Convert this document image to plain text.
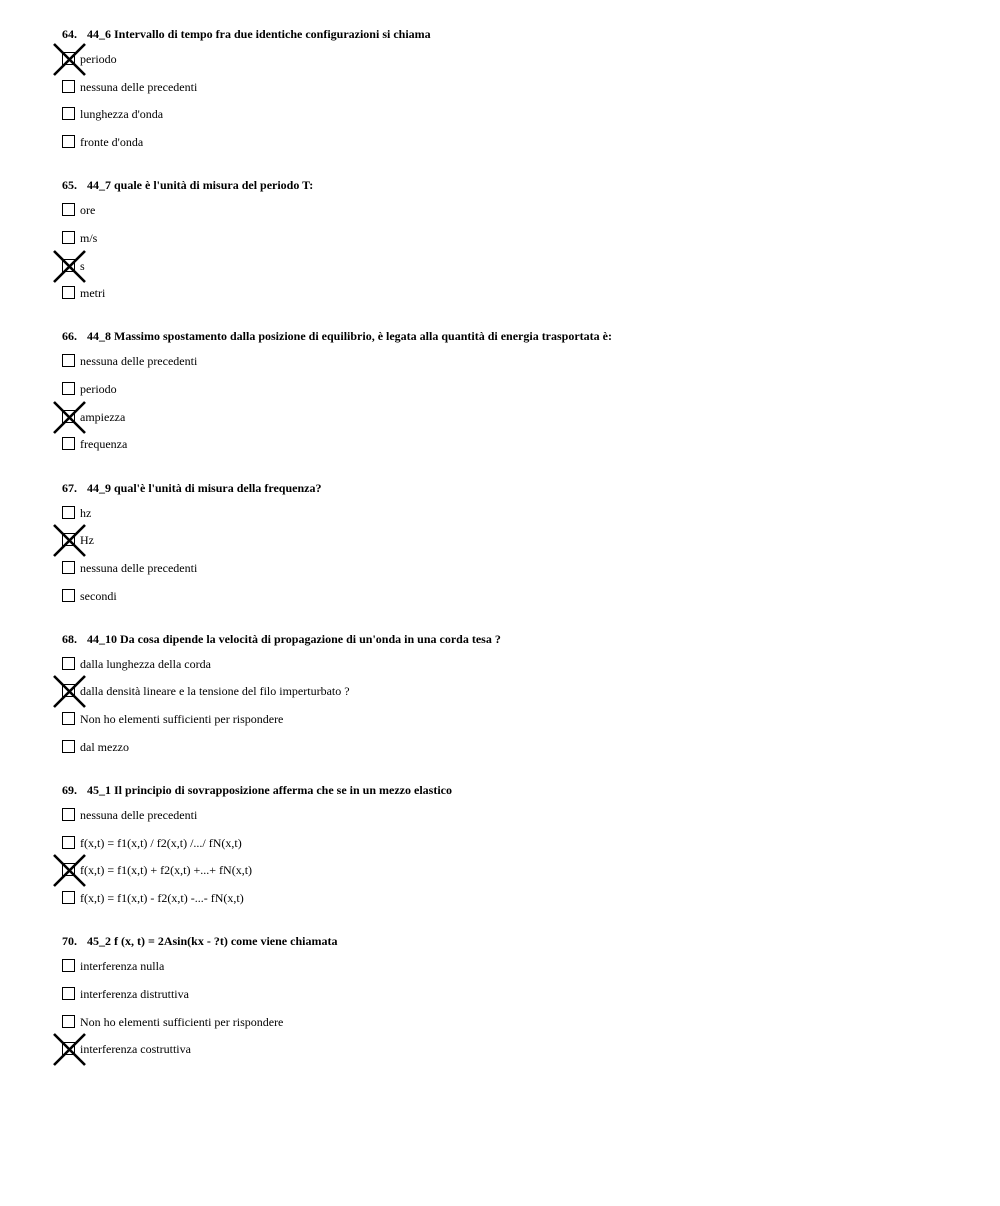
64. 44_6 Intervallo di tempo fra due identiche configurazioni si chiama
periodo
nessuna delle precedenti
lunghezza d'onda
fronte d'onda
65. 44_7 quale è l'unità di misura del periodo T:
ore
m/s
s
metri
66. 44_8 Massimo spostamento dalla posizione di equilibrio, è legata alla quantità di energia trasportata è:
nessuna delle precedenti
periodo
ampiezza
frequenza
67. 44_9 qual'è l'unità di misura della frequenza?
hz
Hz
nessuna delle precedenti
secondi
68. 44_10 Da cosa dipende la velocità di propagazione di un'onda in una corda tesa ?
dalla lunghezza della corda
dalla densità lineare e la tensione del filo imperturbato ?
Non ho elementi sufficienti per rispondere
dal mezzo
69. 45_1 Il principio di sovrapposizione afferma che se in un mezzo elastico
nessuna delle precedenti
f(x,t) = f1(x,t) / f2(x,t) /.../ fN(x,t)
f(x,t) = f1(x,t) + f2(x,t) +...+ fN(x,t)
f(x,t) = f1(x,t) - f2(x,t) -...- fN(x,t)
70. 45_2 f (x, t) = 2Asin(kx - ?t) come viene chiamata
interferenza nulla
interferenza distruttiva
Non ho elementi sufficienti per rispondere
interferenza costruttiva
